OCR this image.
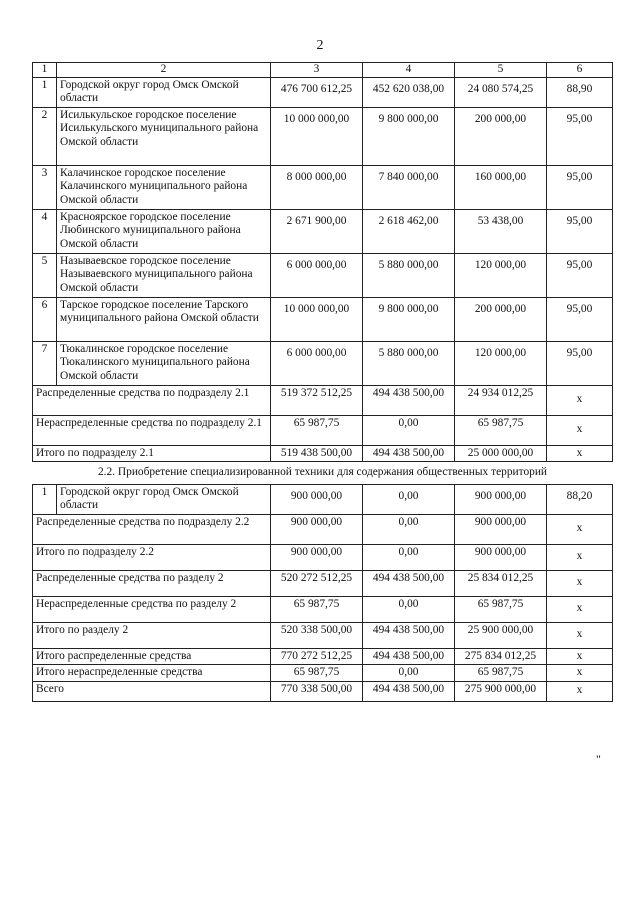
2
1	2	3	4	5	6
1	Городской округ город Омск Омской области	476 700 612,25	452 620 038,00	24 080 574,25	88,90
2	Исилькульское городское поселение Исилькульского муниципального района Омской области	10 000 000,00	9 800 000,00	200 000,00	95,00
3	Калачинское городское поселение Калачинского муниципального района Омской области	8 000 000,00	7 840 000,00	160 000,00	95,00
4	Красноярское городское поселение Любинского муниципального района Омской области	2 671 900,00	2 618 462,00	53 438,00	95,00
5	Называевское городское поселение Называевского муниципального района Омской области	6 000 000,00	5 880 000,00	120 000,00	95,00
6	Тарское городское поселение Тарского муниципального района Омской области	10 000 000,00	9 800 000,00	200 000,00	95,00
7	Тюкалинское городское поселение Тюкалинского муниципального района Омской области	6 000 000,00	5 880 000,00	120 000,00	95,00
Распределенные средства по подразделу 2.1		519 372 512,25	494 438 500,00	24 934 012,25	х
Нераспределенные средства по подразделу 2.1		65 987,75	0,00	65 987,75	х
Итого по подразделу 2.1		519 438 500,00	494 438 500,00	25 000 000,00	х
2.2. Приобретение специализированной техники для содержания общественных территорий					
1	Городской округ город Омск Омской области	900 000,00	0,00	900 000,00	88,20
Распределенные средства по подразделу 2.2		900 000,00	0,00	900 000,00	х
Итого по подразделу 2.2		900 000,00	0,00	900 000,00	х
Распределенные средства по разделу 2		520 272 512,25	494 438 500,00	25 834 012,25	х
Нераспределенные средства по разделу 2		65 987,75	0,00	65 987,75	х
Итого по разделу 2		520 338 500,00	494 438 500,00	25 900 000,00	х
Итого распределенные средства		770 272 512,25	494 438 500,00	275 834 012,25	х
Итого нераспределенные средства		65 987,75	0,00	65 987,75	х
Всего		770 338 500,00	494 438 500,00	275 900 000,00	х
"
